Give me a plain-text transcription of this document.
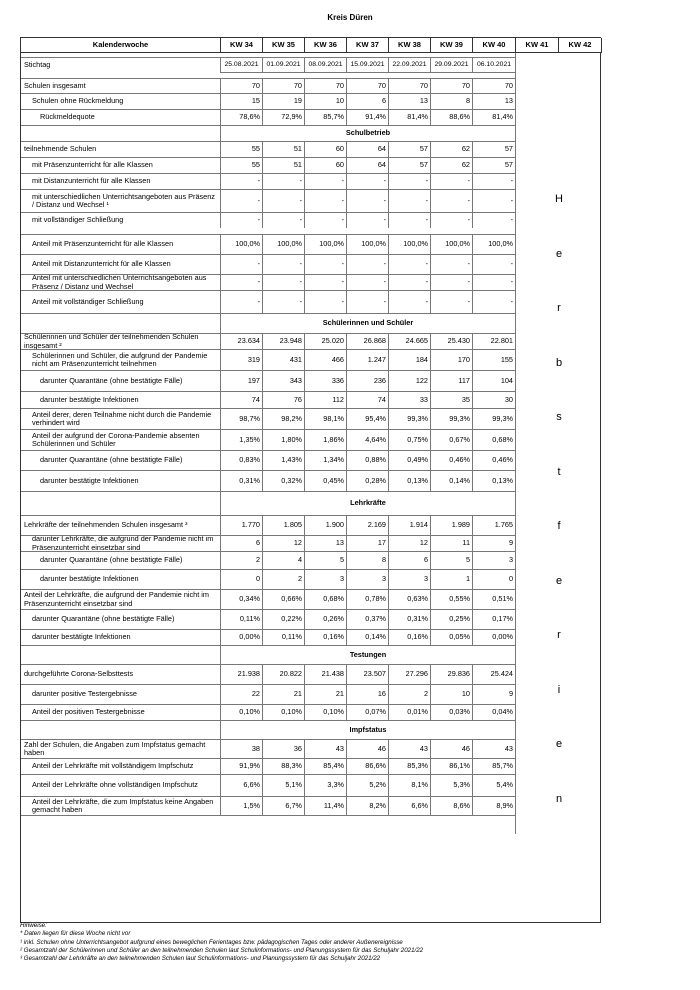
Kreis Düren
Kalenderwoche	KW 34	KW 35	KW 36	KW 37	KW 38	KW 39	KW 40	KW 41	KW 42
Stichtag	25.08.2021	01.09.2021	08.09.2021	15.09.2021	22.09.2021	29.09.2021	06.10.2021
Schulen insgesamt	70	70	70	70	70	70	70
Schulen ohne Rückmeldung	15	19	10	6	13	8	13
Rückmeldequote	78,6%	72,9%	85,7%	91,4%	81,4%	88,6%	81,4%
Schulbetrieb
teilnehmende Schulen	55	51	60	64	57	62	57
mit Präsenzunterricht für alle Klassen	55	51	60	64	57	62	57
mit Distanzunterricht für alle Klassen	-	-	-	-	-	-	-
mit unterschiedlichen Unterrichtsangeboten aus Präsenz / Distanz und Wechsel ¹	-	-	-	-	-	-	-
mit vollständiger Schließung	-	-	-	-	-	-	-
Anteil mit Präsenzunterricht für alle Klassen	100,0%	100,0%	100,0%	100,0%	100,0%	100,0%	100,0%
Anteil mit Distanzunterricht für alle Klassen	-	-	-	-	-	-	-
Anteil mit unterschiedlichen Unterrichtsangeboten aus Präsenz / Distanz und Wechsel	-	-	-	-	-	-	-
Anteil mit vollständiger Schließung	-	-	-	-	-	-	-
Schülerinnen und Schüler
Schülerinnen und Schüler der teilnehmenden Schulen insgesamt ²	23.634	23.948	25.020	26.868	24.665	25.430	22.801
Schülerinnen und Schüler, die aufgrund der Pandemie nicht am Präsenzunterricht teilnehmen	319	431	466	1.247	184	170	155
darunter Quarantäne (ohne bestätigte Fälle)	197	343	336	236	122	117	104
darunter bestätigte Infektionen	74	76	112	74	33	35	30
Anteil derer, deren Teilnahme nicht durch die Pandemie verhindert wird	98,7%	98,2%	98,1%	95,4%	99,3%	99,3%	99,3%
Anteil der aufgrund der Corona-Pandemie absenten Schülerinnen und Schüler	1,35%	1,80%	1,86%	4,64%	0,75%	0,67%	0,68%
darunter Quarantäne (ohne bestätigte Fälle)	0,83%	1,43%	1,34%	0,88%	0,49%	0,46%	0,46%
darunter bestätigte Infektionen	0,31%	0,32%	0,45%	0,28%	0,13%	0,14%	0,13%
Lehrkräfte
Lehrkräfte der teilnehmenden Schulen insgesamt ³	1.770	1.805	1.900	2.169	1.914	1.989	1.765
darunter Lehrkräfte, die aufgrund der Pandemie nicht im Präsenzunterricht einsetzbar sind	6	12	13	17	12	11	9
darunter Quarantäne (ohne bestätigte Fälle)	2	4	5	8	6	5	3
darunter bestätigte Infektionen	0	2	3	3	3	1	0
Anteil der Lehrkräfte, die aufgrund der Pandemie nicht im Präsenzunterricht einsetzbar sind	0,34%	0,66%	0,68%	0,78%	0,63%	0,55%	0,51%
darunter Quarantäne (ohne bestätigte Fälle)	0,11%	0,22%	0,26%	0,37%	0,31%	0,25%	0,17%
darunter bestätigte Infektionen	0,00%	0,11%	0,16%	0,14%	0,16%	0,05%	0,00%
Testungen
durchgeführte Corona-Selbsttests	21.938	20.822	21.438	23.507	27.296	29.836	25.424
darunter positive Testergebnisse	22	21	21	16	2	10	9
Anteil der positiven Testergebnisse	0,10%	0,10%	0,10%	0,07%	0,01%	0,03%	0,04%
Impfstatus
Zahl der Schulen, die Angaben zum Impfstatus gemacht haben	38	36	43	46	43	46	43
Anteil der Lehrkräfte mit vollständigem Impfschutz	91,9%	88,3%	85,4%	86,6%	85,3%	86,1%	85,7%
Anteil der Lehrkräfte ohne vollständigen Impfschutz	6,6%	5,1%	3,3%	5,2%	8,1%	5,3%	5,4%
Anteil der Lehrkräfte, die zum Impfstatus keine Angaben gemacht haben	1,5%	6,7%	11,4%	8,2%	6,6%	8,6%	8,9%
H
e
r
b
s
t
f
e
r
i
e
n
Hinweise:
* Daten liegen für diese Woche nicht vor
¹ inkl. Schulen ohne Unterrichtsangebot aufgrund eines beweglichen Ferientages bzw. pädagogischen Tages oder anderer Außenereignisse
² Gesamtzahl der Schülerinnen und Schüler an den teilnehmenden Schulen laut Schulinformations- und Planungssystem für das Schuljahr 2021/22
³ Gesamtzahl der Lehrkräfte an den teilnehmenden Schulen laut Schulinformations- und Planungssystem für das Schuljahr 2021/22
